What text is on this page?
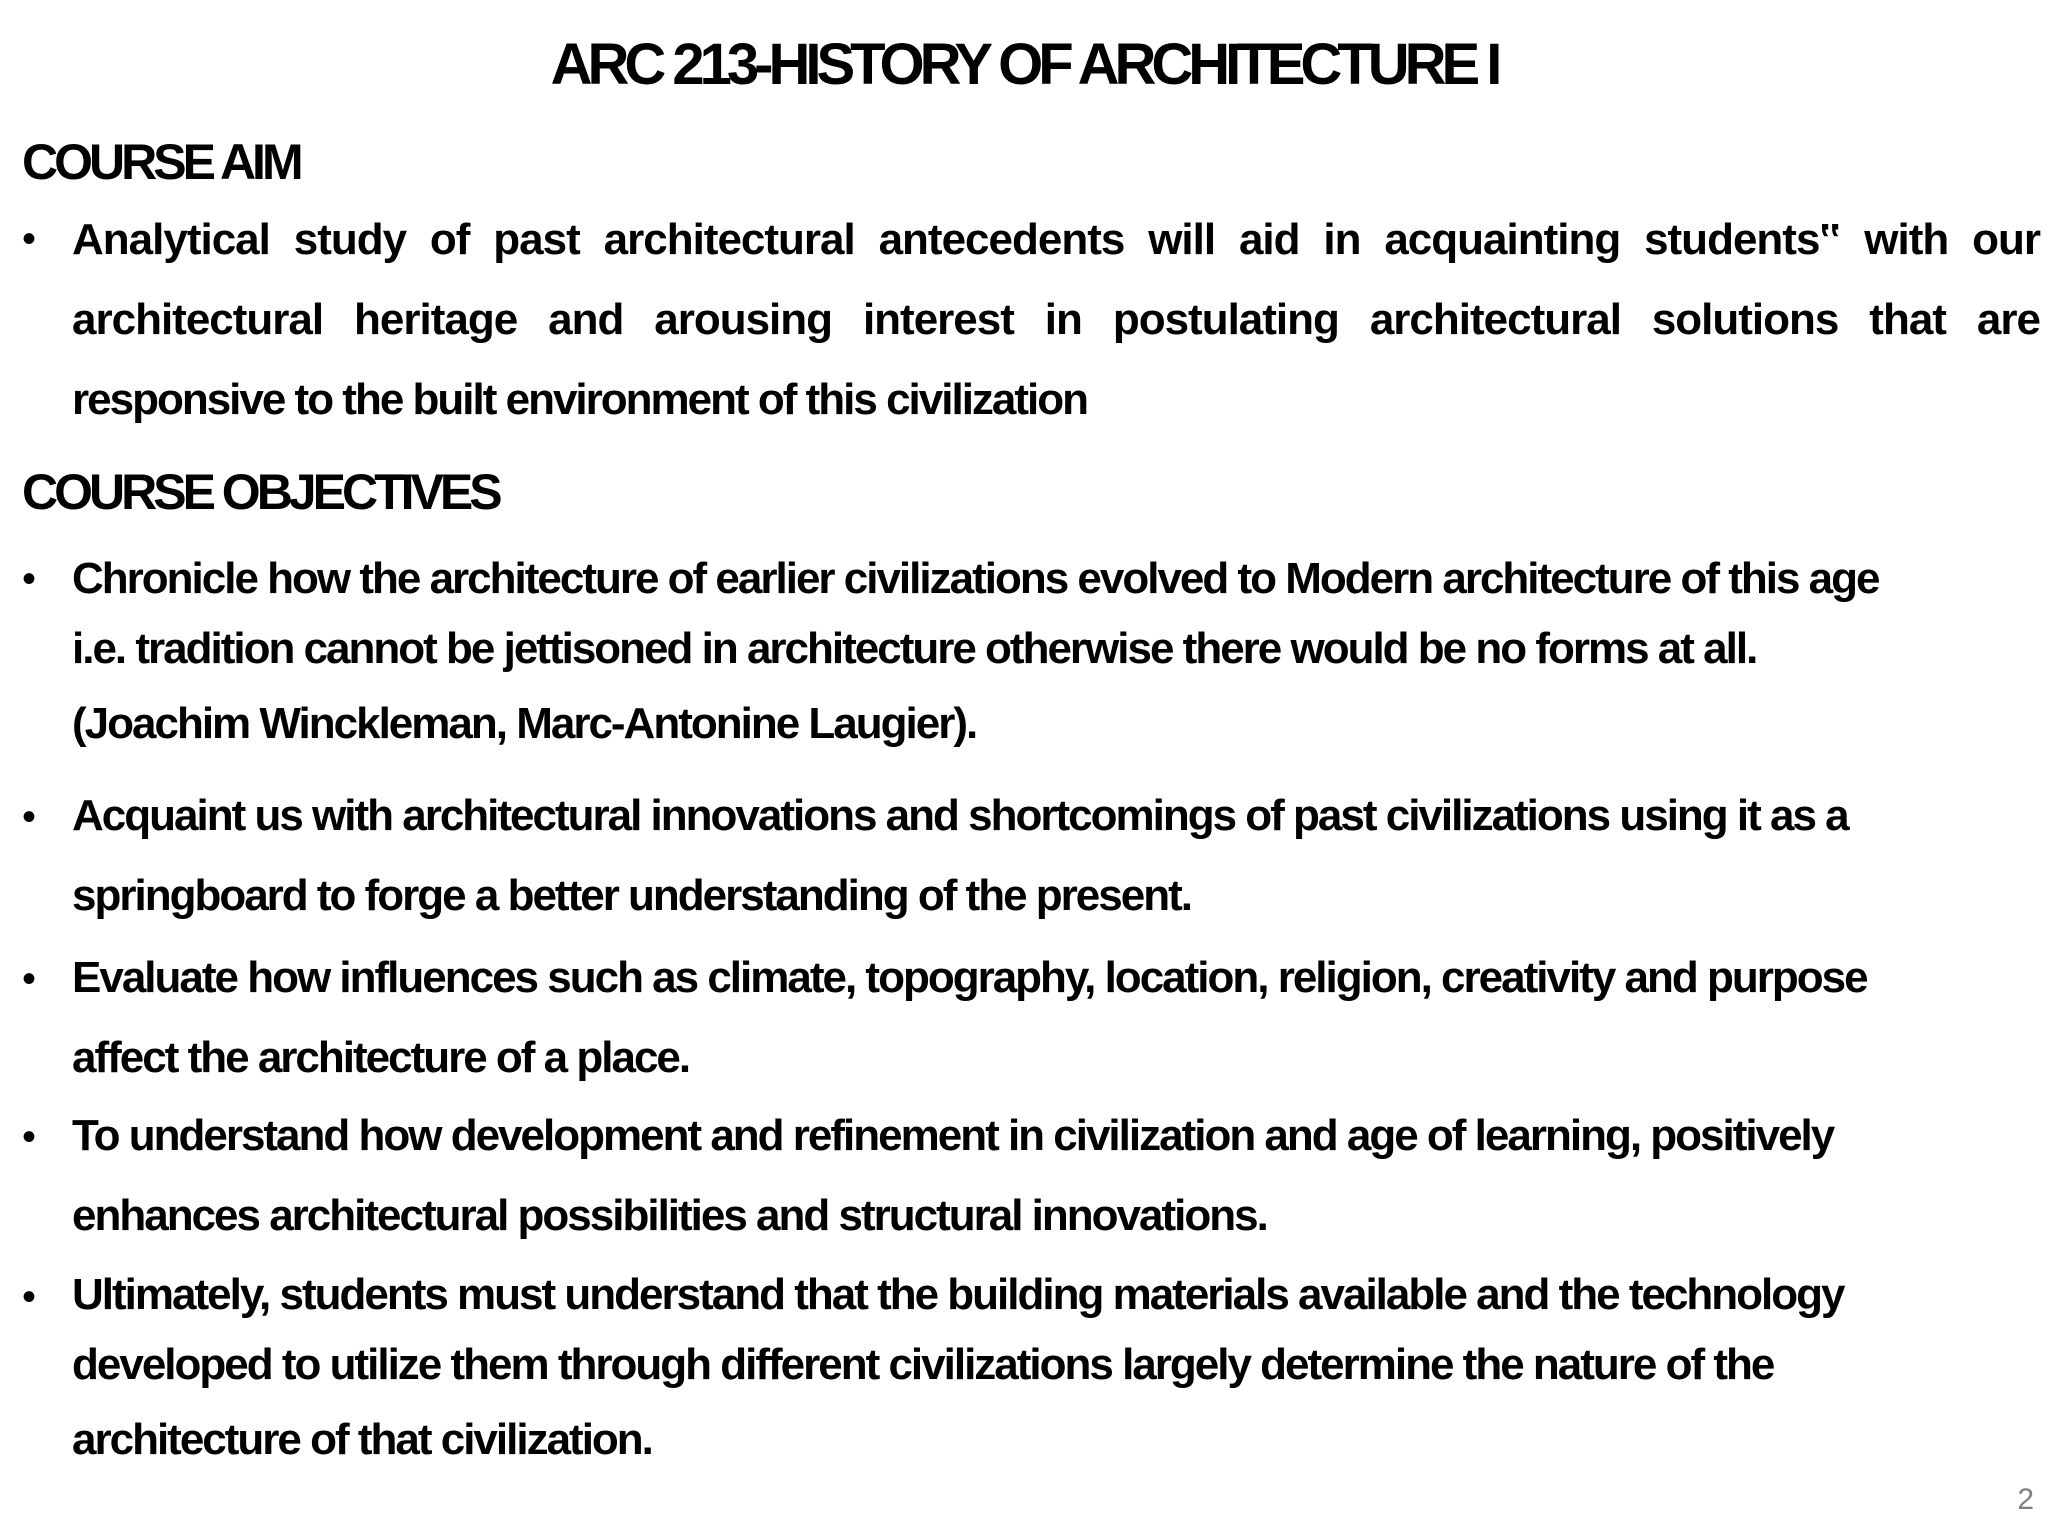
ARC 213-HISTORY OF ARCHITECTURE I
COURSE AIM
• Analytical study of past architectural antecedents will aid in acquainting students‟ with our
architectural heritage and arousing interest in postulating architectural solutions that are
responsive to the built environment of this civilization
COURSE OBJECTIVES
• Chronicle how the architecture of earlier civilizations evolved to Modern architecture of this age
i.e. tradition cannot be jettisoned in architecture otherwise there would be no forms at all.
(Joachim Winckleman, Marc-Antonine Laugier).
• Acquaint us with architectural innovations and shortcomings of past civilizations using it as a
springboard to forge a better understanding of the present.
• Evaluate how influences such as climate, topography, location, religion, creativity and purpose
affect the architecture of a place.
• To understand how development and refinement in civilization and age of learning, positively
enhances architectural possibilities and structural innovations.
• Ultimately, students must understand that the building materials available and the technology
developed to utilize them through different civilizations largely determine the nature of the
architecture of that civilization.
2
